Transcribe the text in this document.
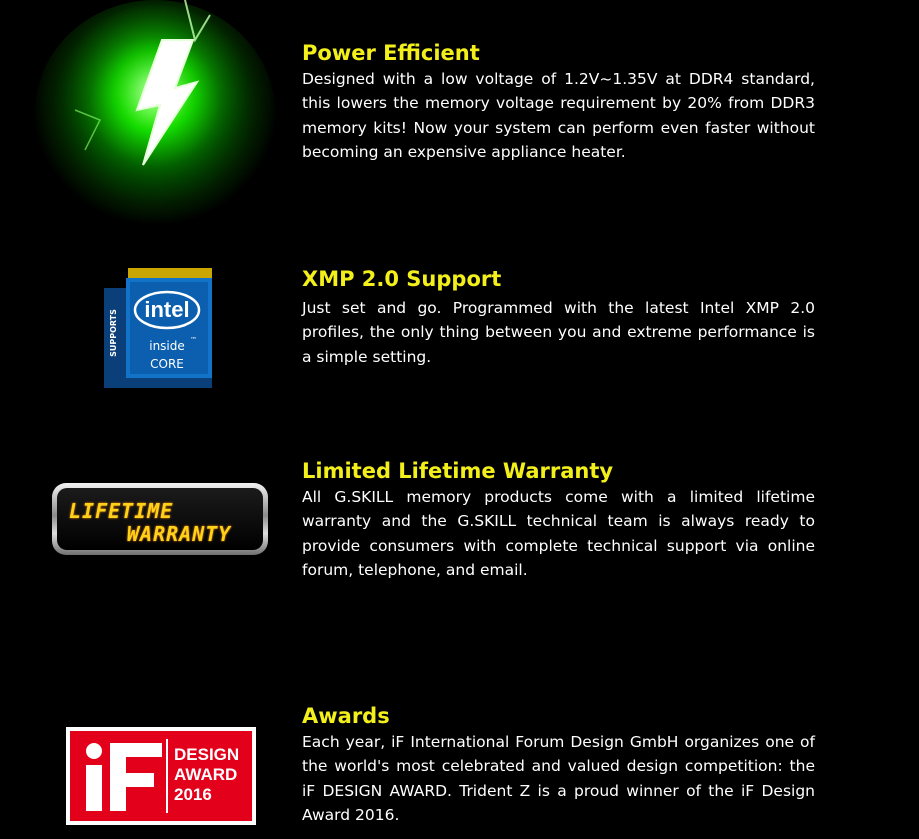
Power Efficient
Designed with a low voltage of 1.2V~1.35V at DDR4 standard, this lowers the memory voltage requirement by 20% from DDR3 memory kits! Now your system can perform even faster without becoming an expensive appliance heater.
intel
inside ™
CORE
SUPPORTS
XMP 2.0 Support
Just set and go. Programmed with the latest Intel XMP 2.0 profiles, the only thing between you and extreme performance is a simple setting.
LIFETIME
WARRANTY
Limited Lifetime Warranty
All G.SKILL memory products come with a limited lifetime warranty and the G.SKILL technical team is always ready to provide consumers with complete technical support via online forum, telephone, and email.
DESIGN
AWARD
2016
Awards
Each year, iF International Forum Design GmbH organizes one of the world's most celebrated and valued design competition: the iF DESIGN AWARD. Trident Z is a proud winner of the iF Design Award 2016.
